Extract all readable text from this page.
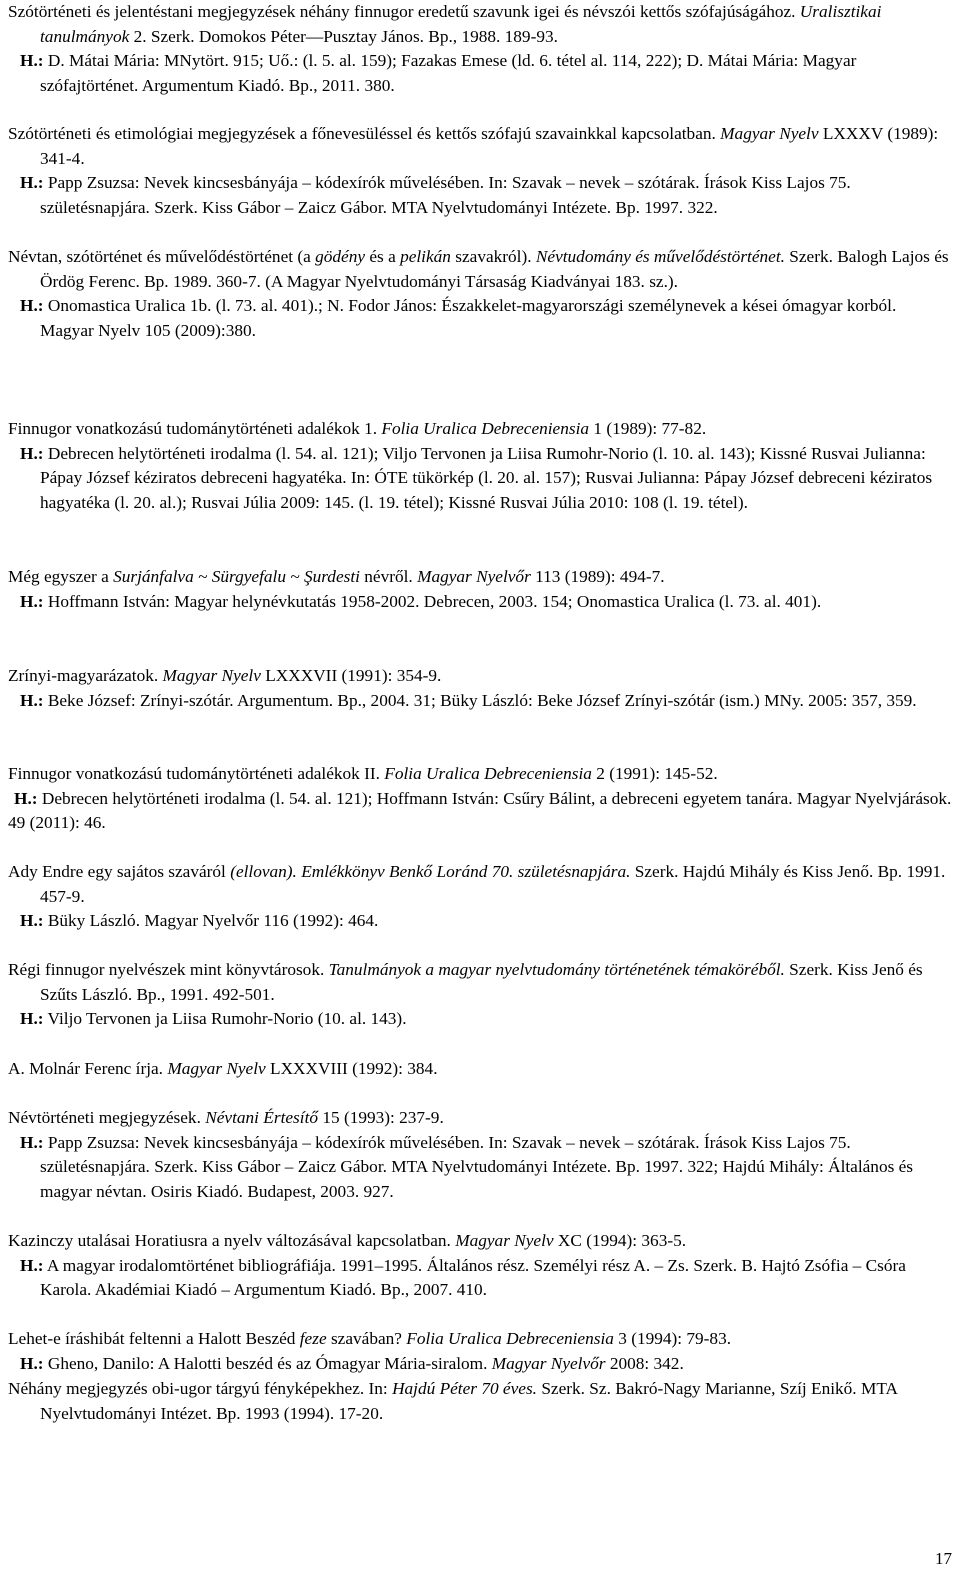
Szótörténeti és jelentéstani megjegyzések néhány finnugor eredetű szavunk igei és névszói kettős szófajúságához. Uralisztikai tanulmányok 2. Szerk. Domokos Péter—Pusztay János. Bp., 1988. 189-93.

H.: D. Mátai Mária: MNytört. 915; Uő.: (l. 5. al. 159); Fazakas Emese (ld. 6. tétel al. 114, 222); D. Mátai Mária: Magyar szófajtörténet. Argumentum Kiadó. Bp., 2011. 380.

Szótörténeti és etimológiai megjegyzések a főnevesüléssel és kettős szófajú szavainkkal kapcsolatban. Magyar Nyelv LXXXV (1989): 341-4.

H.: Papp Zsuzsa: Nevek kincsesbányája – kódexírók művelésében. In: Szavak – nevek – szótárak. Írások Kiss Lajos 75. születésnapjára. Szerk. Kiss Gábor – Zaicz Gábor. MTA Nyelvtudományi Intézete. Bp. 1997. 322.

Névtan, szótörténet és művelődéstörténet (a gödény és a pelikán szavakról). Névtudomány és művelődéstörténet. Szerk. Balogh Lajos és Ördög Ferenc. Bp. 1989. 360-7. (A Magyar Nyelvtudományi Társaság Kiadványai 183. sz.).

H.: Onomastica Uralica 1b. (l. 73. al. 401).; N. Fodor János: Északkelet-magyarországi személynevek a kései ómagyar korból. Magyar Nyelv 105 (2009):380.

Finnugor vonatkozású tudománytörténeti adalékok 1. Folia Uralica Debreceniensia 1 (1989): 77-82.

H.: Debrecen helytörténeti irodalma (l. 54. al. 121); Viljo Tervonen ja Liisa Rumohr-Norio (l. 10. al. 143); Kissné Rusvai Julianna: Pápay József kéziratos debreceni hagyatéka. In: ÓTE tükörkép (l. 20. al. 157); Rusvai Julianna: Pápay József debreceni kéziratos hagyatéka (l. 20. al.); Rusvai Júlia 2009: 145. (l. 19. tétel); Kissné Rusvai Júlia 2010: 108 (l. 19. tétel).

Még egyszer a Surjánfalva ~ Sürgyefalu ~ Şurdesti névről. Magyar Nyelvőr 113 (1989): 494-7.

H.: Hoffmann István: Magyar helynévkutatás 1958-2002. Debrecen, 2003. 154; Onomastica Uralica (l. 73. al. 401).

Zrínyi-magyarázatok. Magyar Nyelv LXXXVII (1991): 354-9.

H.: Beke József: Zrínyi-szótár. Argumentum. Bp., 2004. 31; Büky László: Beke József Zrínyi-szótár (ism.) MNy. 2005: 357, 359.

Finnugor vonatkozású tudománytörténeti adalékok II. Folia Uralica Debreceniensia 2 (1991): 145-52.

H.: Debrecen helytörténeti irodalma (l. 54. al. 121); Hoffmann István: Csűry Bálint, a debreceni egyetem tanára. Magyar Nyelvjárások. 49 (2011): 46.

Ady Endre egy sajátos szaváról (ellovan). Emlékkönyv Benkő Loránd 70. születésnapjára. Szerk. Hajdú Mihály és Kiss Jenő. Bp. 1991. 457-9.

H.: Büky László. Magyar Nyelvőr 116 (1992): 464.

Régi finnugor nyelvészek mint könyvtárosok. Tanulmányok a magyar nyelvtudomány történetének témaköréből. Szerk. Kiss Jenő és Szűts László. Bp., 1991. 492-501.

H.: Viljo Tervonen ja Liisa Rumohr-Norio (10. al. 143).

A. Molnár Ferenc írja. Magyar Nyelv LXXXVIII (1992): 384.

Névtörténeti megjegyzések. Névtani Értesítő 15 (1993): 237-9.

H.: Papp Zsuzsa: Nevek kincsesbányája – kódexírók művelésében. In: Szavak – nevek – szótárak. Írások Kiss Lajos 75. születésnapjára. Szerk. Kiss Gábor – Zaicz Gábor. MTA Nyelvtudományi Intézete. Bp. 1997. 322; Hajdú Mihály: Általános és magyar névtan. Osiris Kiadó. Budapest, 2003. 927.

Kazinczy utalásai Horatiusra a nyelv változásával kapcsolatban. Magyar Nyelv XC (1994): 363-5.

H.: A magyar irodalomtörténet bibliográfiája. 1991–1995. Általános rész. Személyi rész A. – Zs. Szerk. B. Hajtó Zsófia – Csóra Karola. Akadémiai Kiadó – Argumentum Kiadó. Bp., 2007. 410.

Lehet-e íráshibát feltenni a Halott Beszéd feze szavában? Folia Uralica Debreceniensia 3 (1994): 79-83.

H.: Gheno, Danilo: A Halotti beszéd és az Ómagyar Mária-siralom. Magyar Nyelvőr 2008: 342.

Néhány megjegyzés obi-ugor tárgyú fényképekhez. In: Hajdú Péter 70 éves. Szerk. Sz. Bakró-Nagy Marianne, Szíj Enikő. MTA Nyelvtudományi Intézet. Bp. 1993 (1994). 17-20.

17
